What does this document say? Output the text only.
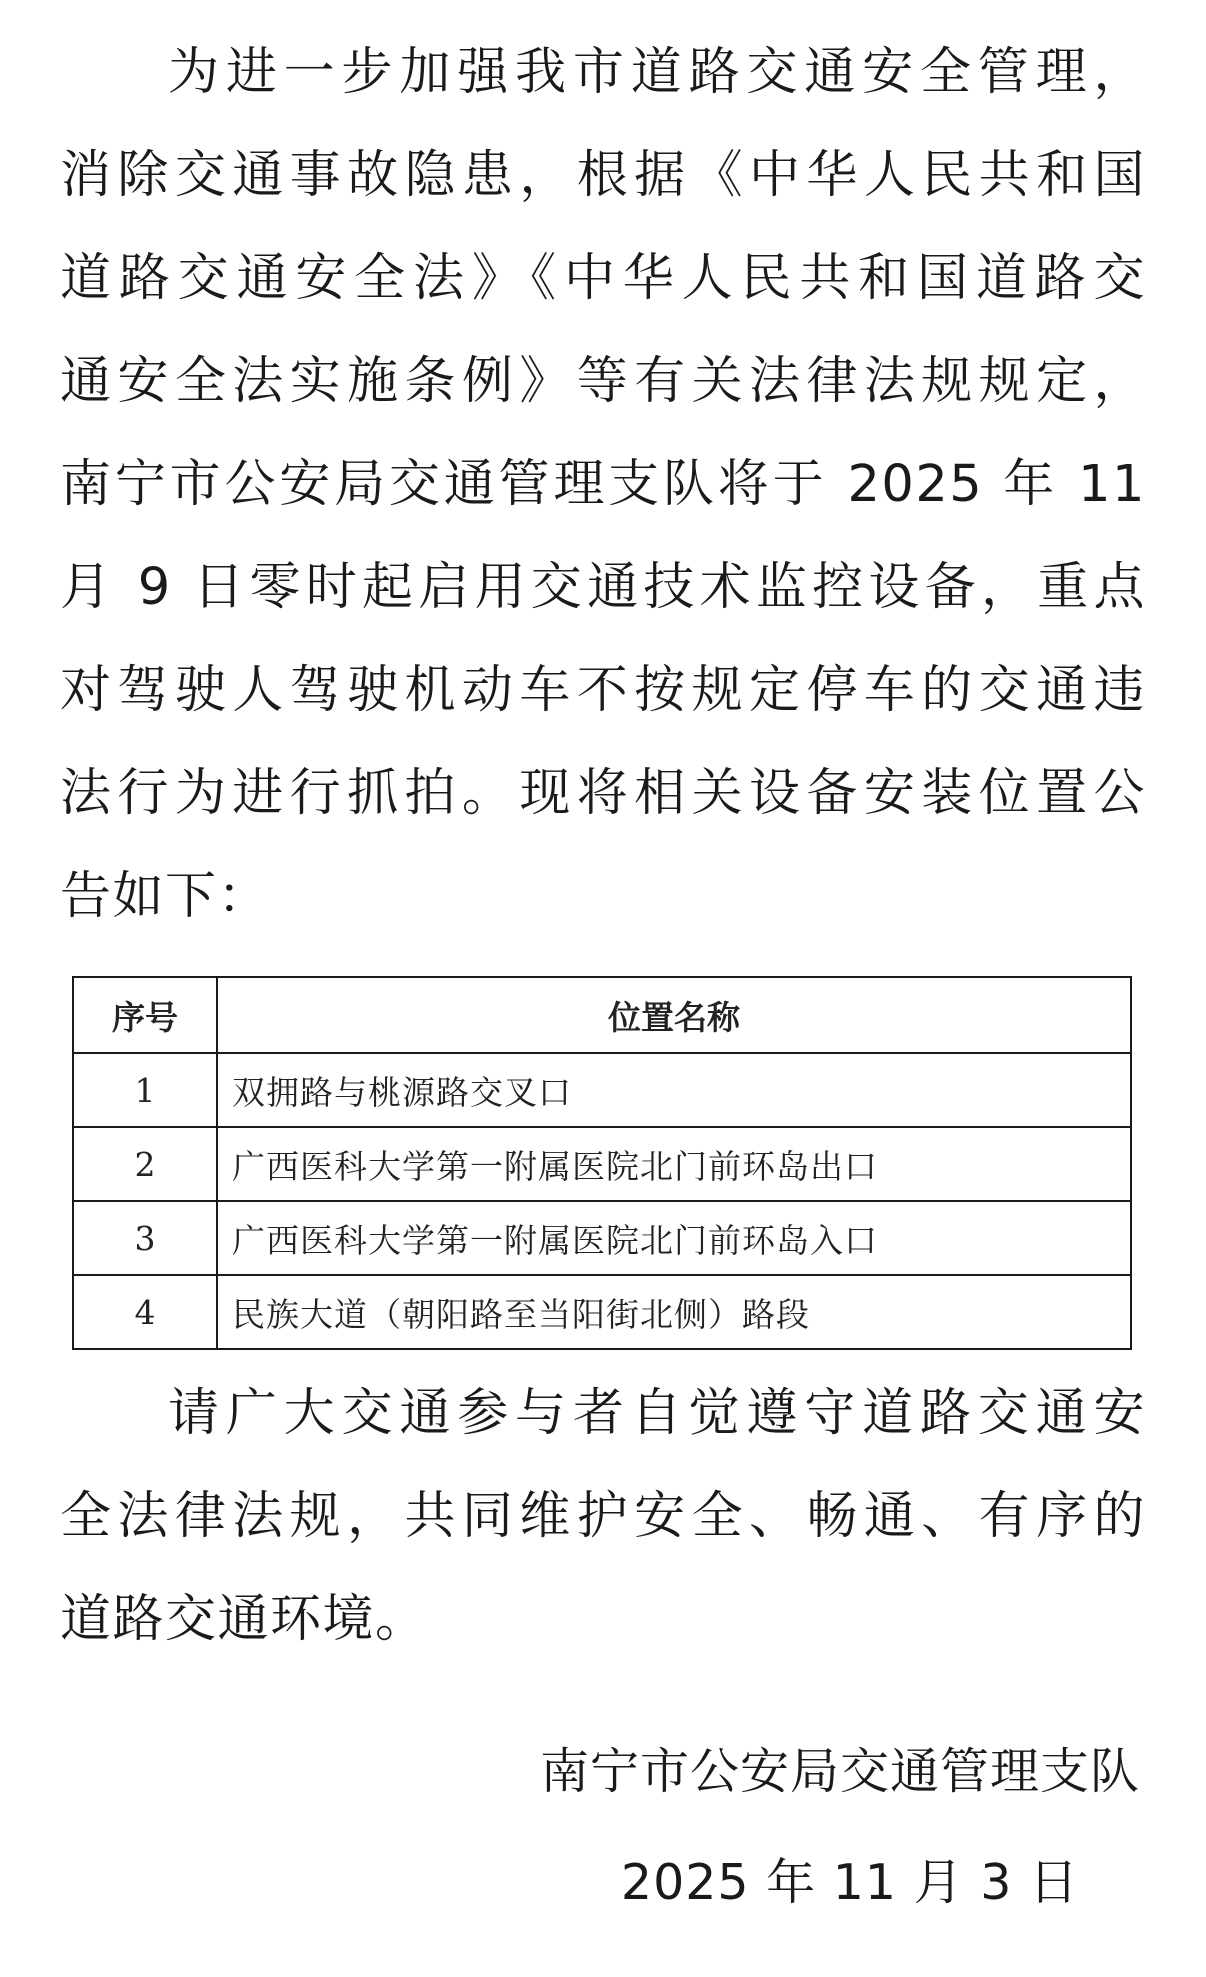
为进一步加强我市道路交通安全管理，
消除交通事故隐患，根据《中华人民共和国
道路交通安全法》《中华人民共和国道路交
通安全法实施条例》等有关法律法规规定，
南宁市公安局交通管理支队将于 2025 年 11
月 9 日零时起启用交通技术监控设备，重点
对驾驶人驾驶机动车不按规定停车的交通违
法行为进行抓拍。现将相关设备安装位置公
告如下：
序号	位置名称
1	双拥路与桃源路交叉口
2	广西医科大学第一附属医院北门前环岛出口
3	广西医科大学第一附属医院北门前环岛入口
4	民族大道（朝阳路至当阳街北侧）路段
请广大交通参与者自觉遵守道路交通安
全法律法规，共同维护安全、畅通、有序的
道路交通环境。

南宁市公安局交通管理支队

2025 年 11 月 3 日
